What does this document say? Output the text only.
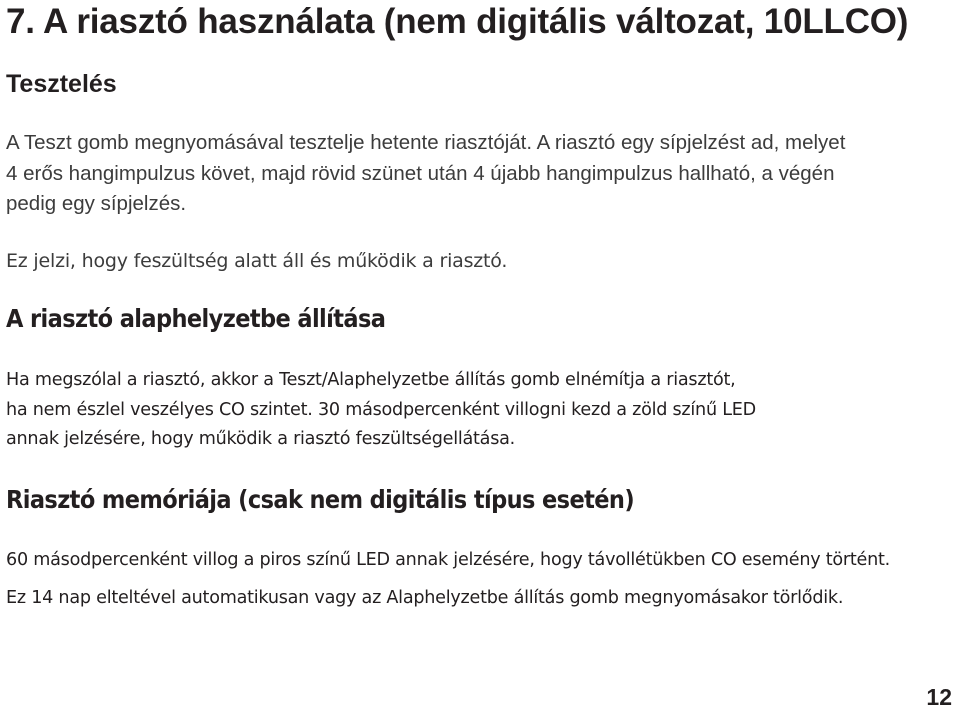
7. A riasztó használata (nem digitális változat, 10LLCO)
Tesztelés
A Teszt gomb megnyomásával tesztelje hetente riasztóját. A riasztó egy sípjelzést ad, melyet
4 erős hangimpulzus követ, majd rövid szünet után 4 újabb hangimpulzus hallható, a végén
pedig egy sípjelzés.
Ez jelzi, hogy feszültség alatt áll és működik a riasztó.
A riasztó alaphelyzetbe állítása
Ha megszólal a riasztó, akkor a Teszt/Alaphelyzetbe állítás gomb elnémítja a riasztót,
ha nem észlel veszélyes CO szintet. 30 másodpercenként villogni kezd a zöld színű LED
annak jelzésére, hogy működik a riasztó feszültségellátása.
Riasztó memóriája (csak nem digitális típus esetén)
60 másodpercenként villog a piros színű LED annak jelzésére, hogy távollétükben CO esemény történt.
Ez 14 nap elteltével automatikusan vagy az Alaphelyzetbe állítás gomb megnyomásakor törlődik.
12
